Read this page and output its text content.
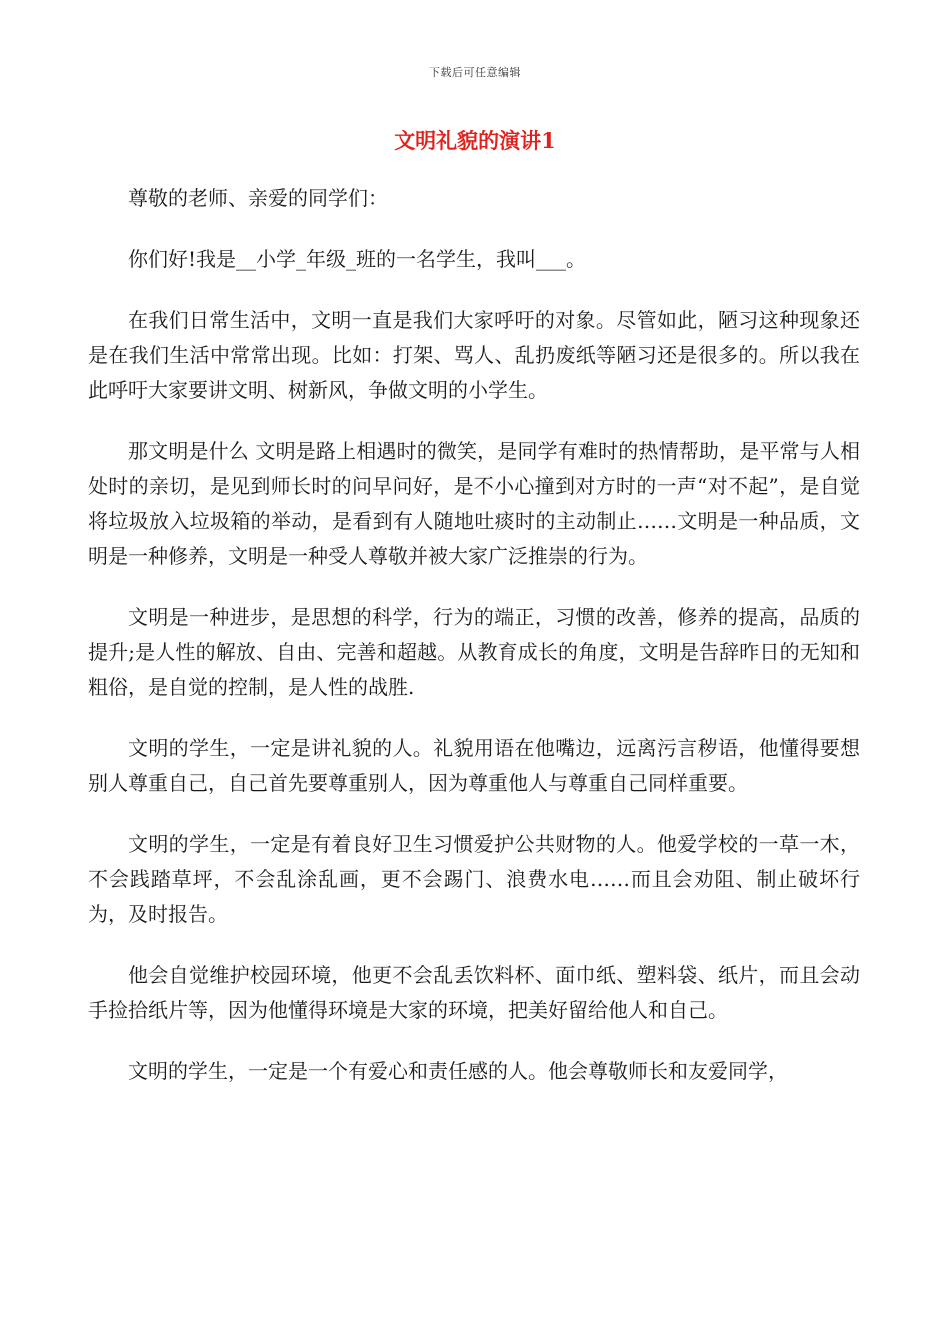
下载后可任意编辑
文明礼貌的演讲1

尊敬的老师、亲爱的同学们：

你们好!我是__小学_年级_班的一名学生，我叫___。

在我们日常生活中，文明一直是我们大家呼吁的对象。尽管如此，陋习这种现象还是在我们生活中常常出现。比如：打架、骂人、乱扔废纸等陋习还是很多的。所以我在此呼吁大家要讲文明、树新风，争做文明的小学生。

那文明是什么 文明是路上相遇时的微笑，是同学有难时的热情帮助，是平常与人相处时的亲切，是见到师长时的问早问好，是不小心撞到对方时的一声“对不起”，是自觉将垃圾放入垃圾箱的举动，是看到有人随地吐痰时的主动制止……文明是一种品质，文明是一种修养，文明是一种受人尊敬并被大家广泛推崇的行为。

文明是一种进步，是思想的科学，行为的端正，习惯的改善，修养的提高，品质的提升;是人性的解放、自由、完善和超越。从教育成长的角度，文明是告辞昨日的无知和粗俗，是自觉的控制，是人性的战胜.

文明的学生，一定是讲礼貌的人。礼貌用语在他嘴边，远离污言秽语，他懂得要想别人尊重自己，自己首先要尊重别人，因为尊重他人与尊重自己同样重要。

文明的学生，一定是有着良好卫生习惯爱护公共财物的人。他爱学校的一草一木，不会践踏草坪，不会乱涂乱画，更不会踢门、浪费水电……而且会劝阻、制止破坏行为，及时报告。

他会自觉维护校园环境，他更不会乱丢饮料杯、面巾纸、塑料袋、纸片，而且会动手捡拾纸片等，因为他懂得环境是大家的环境，把美好留给他人和自己。

文明的学生，一定是一个有爱心和责任感的人。他会尊敬师长和友爱同学，
